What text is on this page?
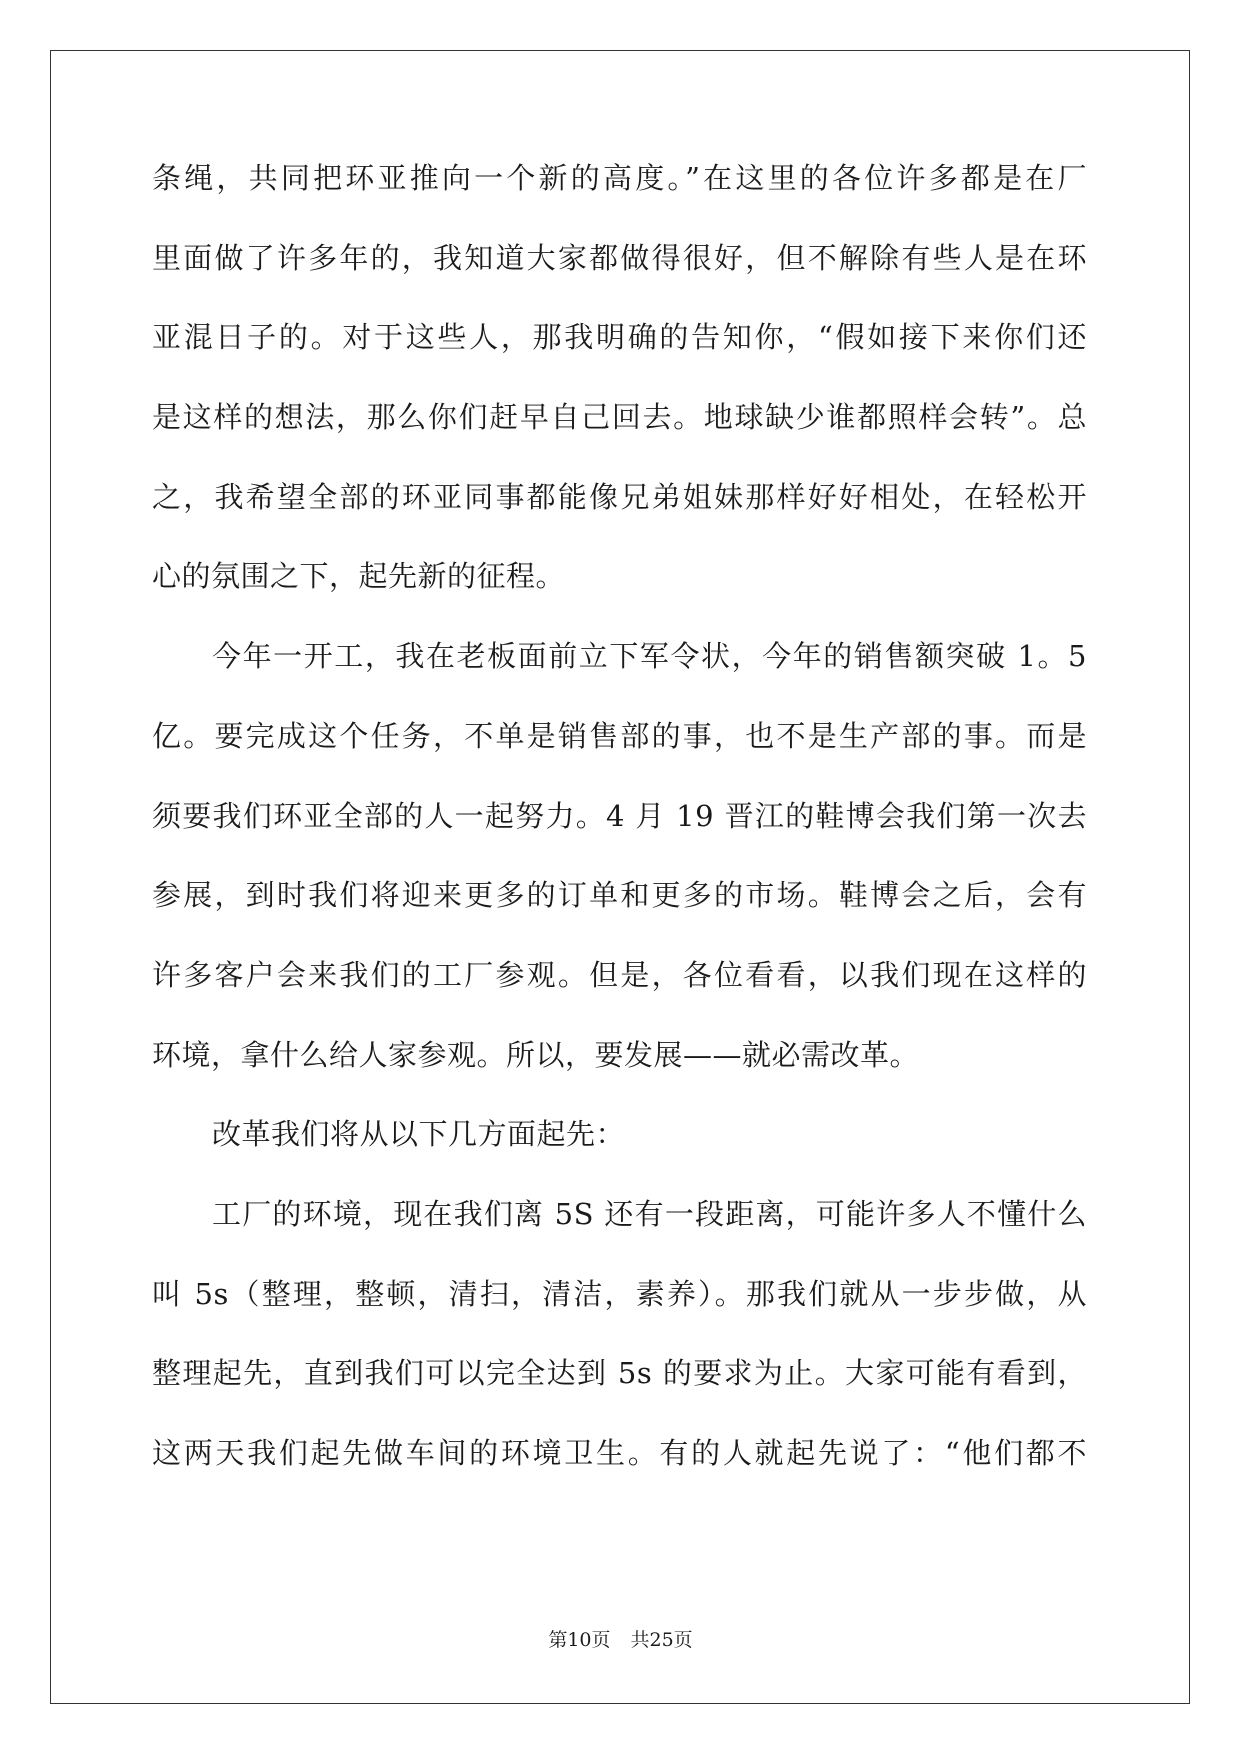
条绳，共同把环亚推向一个新的高度。”在这里的各位许多都是在厂
里面做了许多年的，我知道大家都做得很好，但不解除有些人是在环
亚混日子的。对于这些人，那我明确的告知你，“假如接下来你们还
是这样的想法，那么你们赶早自己回去。地球缺少谁都照样会转”。总
之，我希望全部的环亚同事都能像兄弟姐妹那样好好相处，在轻松开
心的氛围之下，起先新的征程。
今年一开工，我在老板面前立下军令状，今年的销售额突破 1。5
亿。要完成这个任务，不单是销售部的事，也不是生产部的事。而是
须要我们环亚全部的人一起努力。4 月 19 晋江的鞋博会我们第一次去
参展，到时我们将迎来更多的订单和更多的市场。鞋博会之后，会有
许多客户会来我们的工厂参观。但是，各位看看，以我们现在这样的
环境，拿什么给人家参观。所以，要发展——就必需改革。
改革我们将从以下几方面起先：
工厂的环境，现在我们离 5S 还有一段距离，可能许多人不懂什么
叫 5s（整理，整顿，清扫，清洁，素养）。那我们就从一步步做，从
整理起先，直到我们可以完全达到 5s 的要求为止。大家可能有看到，
这两天我们起先做车间的环境卫生。有的人就起先说了：“他们都不
第10页 共25页
